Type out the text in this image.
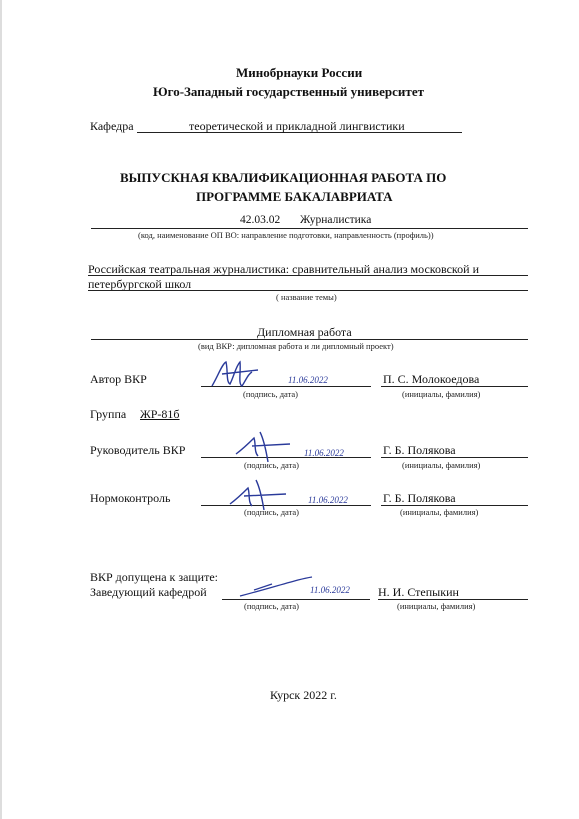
Минобрнауки России
Юго-Западный государственный университет
Кафедра	теоретической и прикладной лингвистики
ВЫПУСКНАЯ КВАЛИФИКАЦИОННАЯ РАБОТА ПО
ПРОГРАММЕ БАКАЛАВРИАТА
42.03.02 Журналистика
(код, наименование ОП ВО: направление подготовки, направленность (профиль))
Российская театральная журналистика: сравнительный анализ московской и
петербургской школ
( название темы)
Дипломная работа
(вид ВКР: дипломная работа и ли дипломный проект)
Автор ВКР	11.06.2022
(подпись, дата)
П. С. Молокоедова
(инициалы, фамилия)
Группа ЖР-81б
Руководитель ВКР	11.06.2022
(подпись, дата)
Г. Б. Полякова
(инициалы, фамилия)
Нормоконтроль	11.06.2022
(подпись, дата)
Г. Б. Полякова
(инициалы, фамилия)
ВКР допущена к защите:
Заведующий кафедрой	11.06.2022
(подпись, дата)
Н. И. Степыкин
(инициалы, фамилия)
Курск 2022 г.
